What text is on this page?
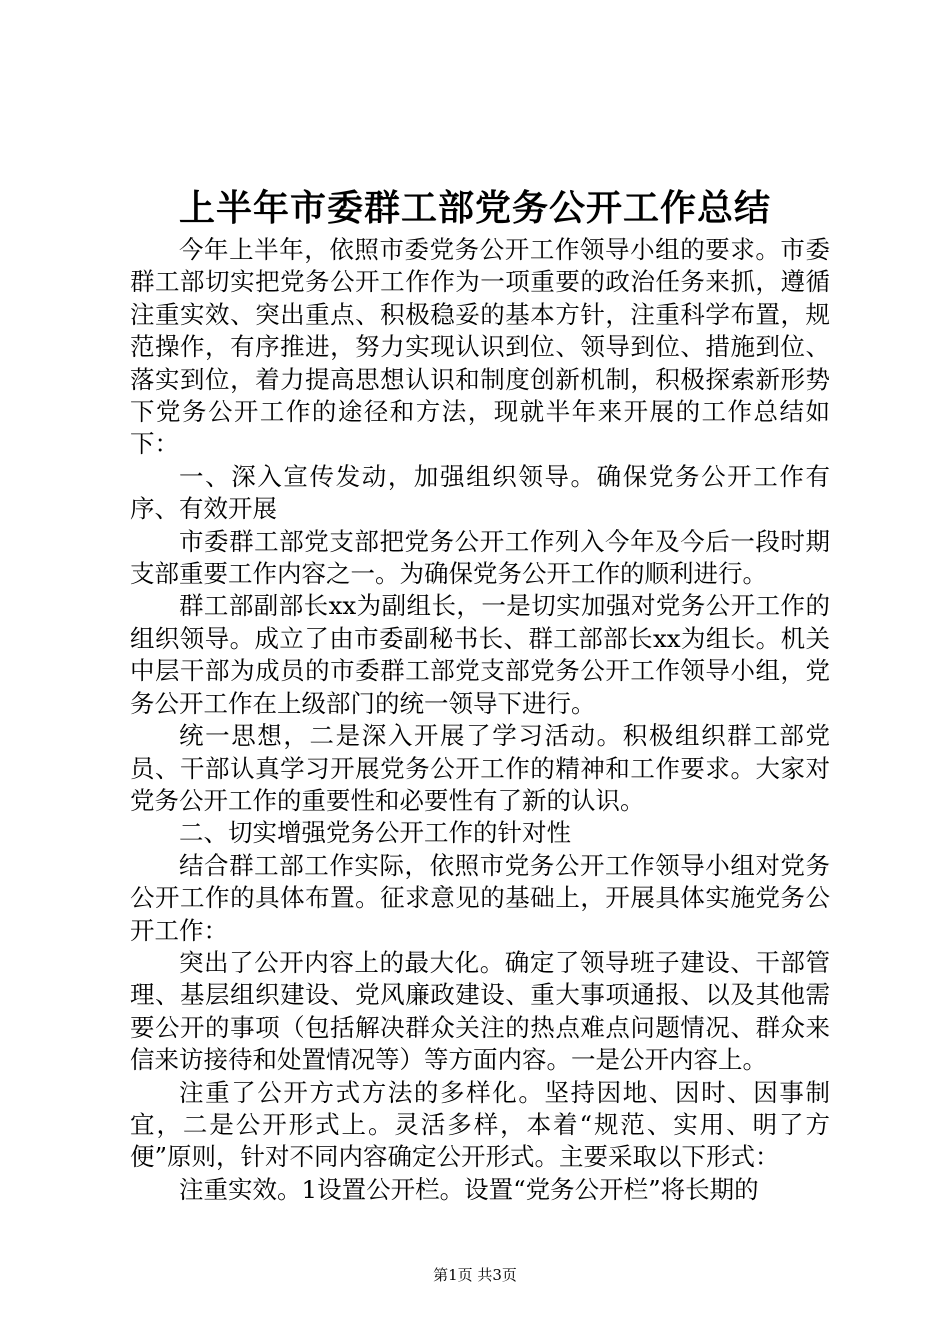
上半年市委群工部党务公开工作总结

今年上半年，依照市委党务公开工作领导小组的要求。市委群工部切实把党务公开工作作为一项重要的政治任务来抓，遵循注重实效、突出重点、积极稳妥的基本方针，注重科学布置，规范操作，有序推进，努力实现认识到位、领导到位、措施到位、落实到位，着力提高思想认识和制度创新机制，积极探索新形势下党务公开工作的途径和方法，现就半年来开展的工作总结如下：

一、深入宣传发动，加强组织领导。确保党务公开工作有序、有效开展

市委群工部党支部把党务公开工作列入今年及今后一段时期支部重要工作内容之一。为确保党务公开工作的顺利进行。

群工部副部长xx为副组长，一是切实加强对党务公开工作的组织领导。成立了由市委副秘书长、群工部部长xx为组长。机关中层干部为成员的市委群工部党支部党务公开工作领导小组，党务公开工作在上级部门的统一领导下进行。

统一思想，二是深入开展了学习活动。积极组织群工部党员、干部认真学习开展党务公开工作的精神和工作要求。大家对党务公开工作的重要性和必要性有了新的认识。

二、切实增强党务公开工作的针对性

结合群工部工作实际，依照市党务公开工作领导小组对党务公开工作的具体布置。征求意见的基础上，开展具体实施党务公开工作：

突出了公开内容上的最大化。确定了领导班子建设、干部管理、基层组织建设、党风廉政建设、重大事项通报、以及其他需要公开的事项（包括解决群众关注的热点难点问题情况、群众来信来访接待和处置情况等）等方面内容。一是公开内容上。

注重了公开方式方法的多样化。坚持因地、因时、因事制宜，二是公开形式上。灵活多样，本着“规范、实用、明了方便”原则，针对不同内容确定公开形式。主要采取以下形式：

注重实效。1设置公开栏。设置“党务公开栏”将长期的

第1页 共3页
